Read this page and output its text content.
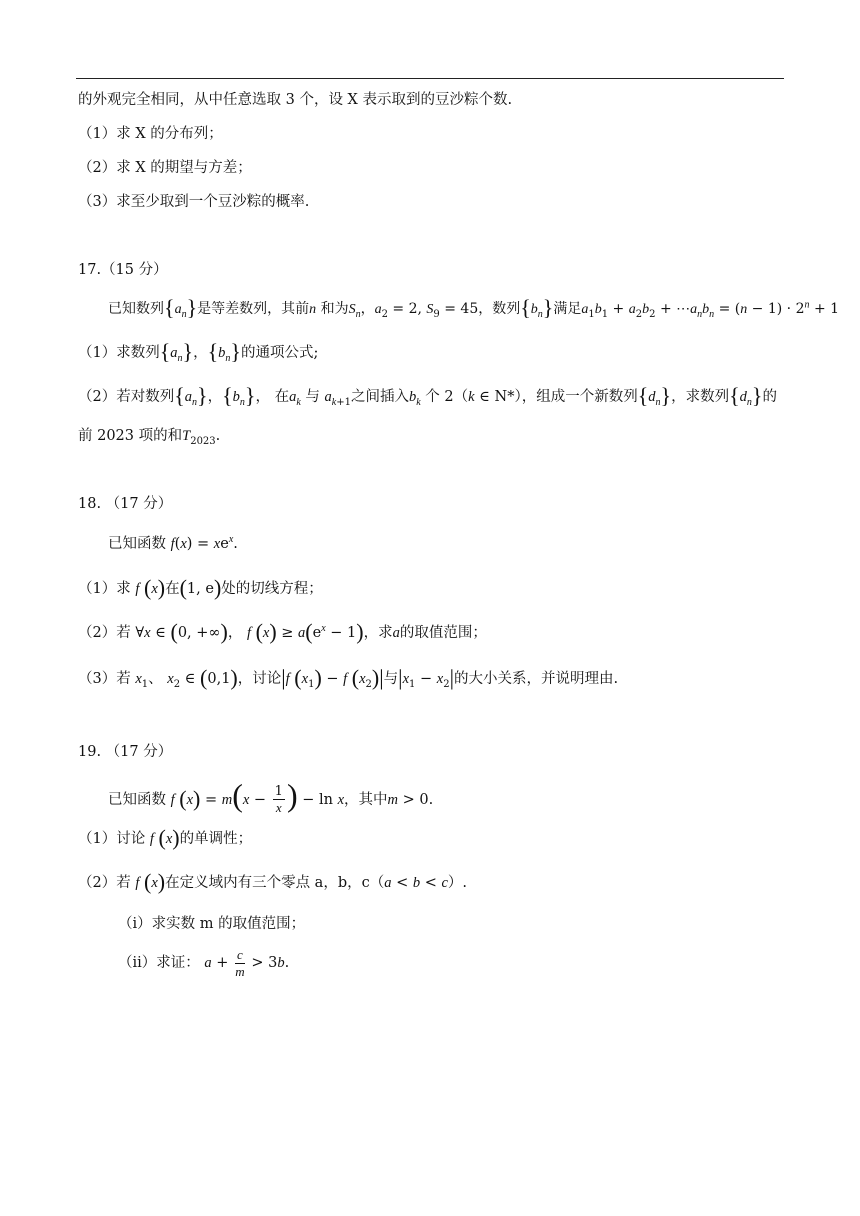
的外观完全相同，从中任意选取 3 个，设 X 表示取到的豆沙粽个数.
（1）求 X 的分布列；
（2）求 X 的期望与方差；
（3）求至少取到一个豆沙粽的概率.
17.（15 分）
已知数列$\{a_n\}$是等差数列，其前n 和为$S_n$，$a_2 = 2$, $S_9 = 45$，数列$\{b_n\}$满足$a_1b_1 + a_2b_2$ + $\cdots a_nb_n = (n - 1) \cdot 2^n + 1$
（1）求数列$\{a_n\}$，$\{b_n\}$的通项公式;
（2）若对数列$\{a_n\}$，$\{b_n\}$， 在$a_k$ 与 $a_{k+1}$之间插入$b_k$ 个 2（k ∈ N*），组成一个新数列$\{d_n\}$，求数列$\{d_n\}$的
前 2023 项的和$T_{2023}$.
18. （17 分）
已知函数 $f(x) = xe^x$.
（1）求 f (x)在(1, e)处的切线方程；
（2）若 ∀x ∈ (0, +∞)， f $(x) \ge a(e^x - 1)$，求a的取值范围；
（3）若 $x_1$、 $x_2$ ∈ (0,1)，讨论|f $(x_1) - f$ $(x_2)|$与$|x_1 - x_2|$的大小关系，并说明理由.
19. （17 分）
已知函数 f $(x) = m(x - \frac{1}{x}$ ) − ln x，其中m > 0.
（1）讨论 f (x)的单调性；
（2）若 f (x)在定义域内有三个零点 a，b，c（a < b < c）.
（ⅰ）求实数 m 的取值范围；
（ⅱ）求证： $a + \frac{c}{m} > 3b$.
